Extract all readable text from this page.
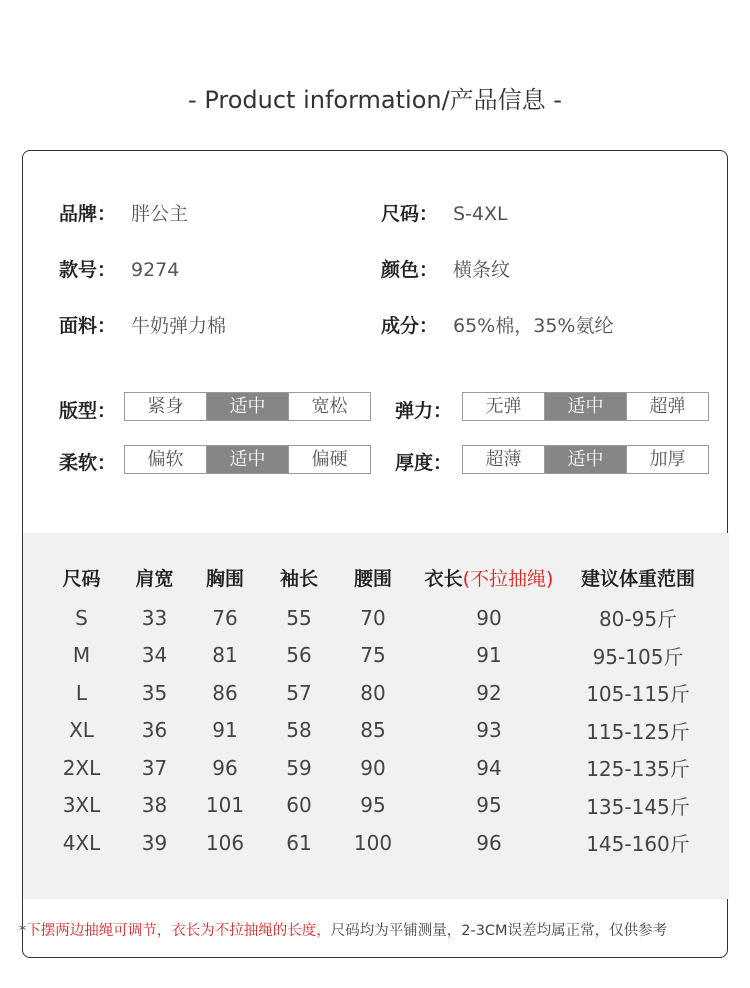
- Product information/产品信息 -
品牌： 胖公主	尺码： S-4XL
款号： 9274	颜色： 横条纹
面料： 牛奶弹力棉	成分： 65%棉，35%氨纶
版型：	紧身	适中	宽松	弹力：	无弹	适中	超弹
柔软：	偏软	适中	偏硬	厚度：	超薄	适中	加厚
尺码	肩宽	胸围	袖长	腰围	衣长(不拉抽绳)	建议体重范围
S	33	76	55	70	90	80-95斤
M	34	81	56	75	91	95-105斤
L	35	86	57	80	92	105-115斤
XL	36	91	58	85	93	115-125斤
2XL	37	96	59	90	94	125-135斤
3XL	38	101	60	95	95	135-145斤
4XL	39	106	61	100	96	145-160斤
*下摆两边抽绳可调节，衣长为不拉抽绳的长度，尺码均为平铺测量，2-3CM误差均属正常，仅供参考
